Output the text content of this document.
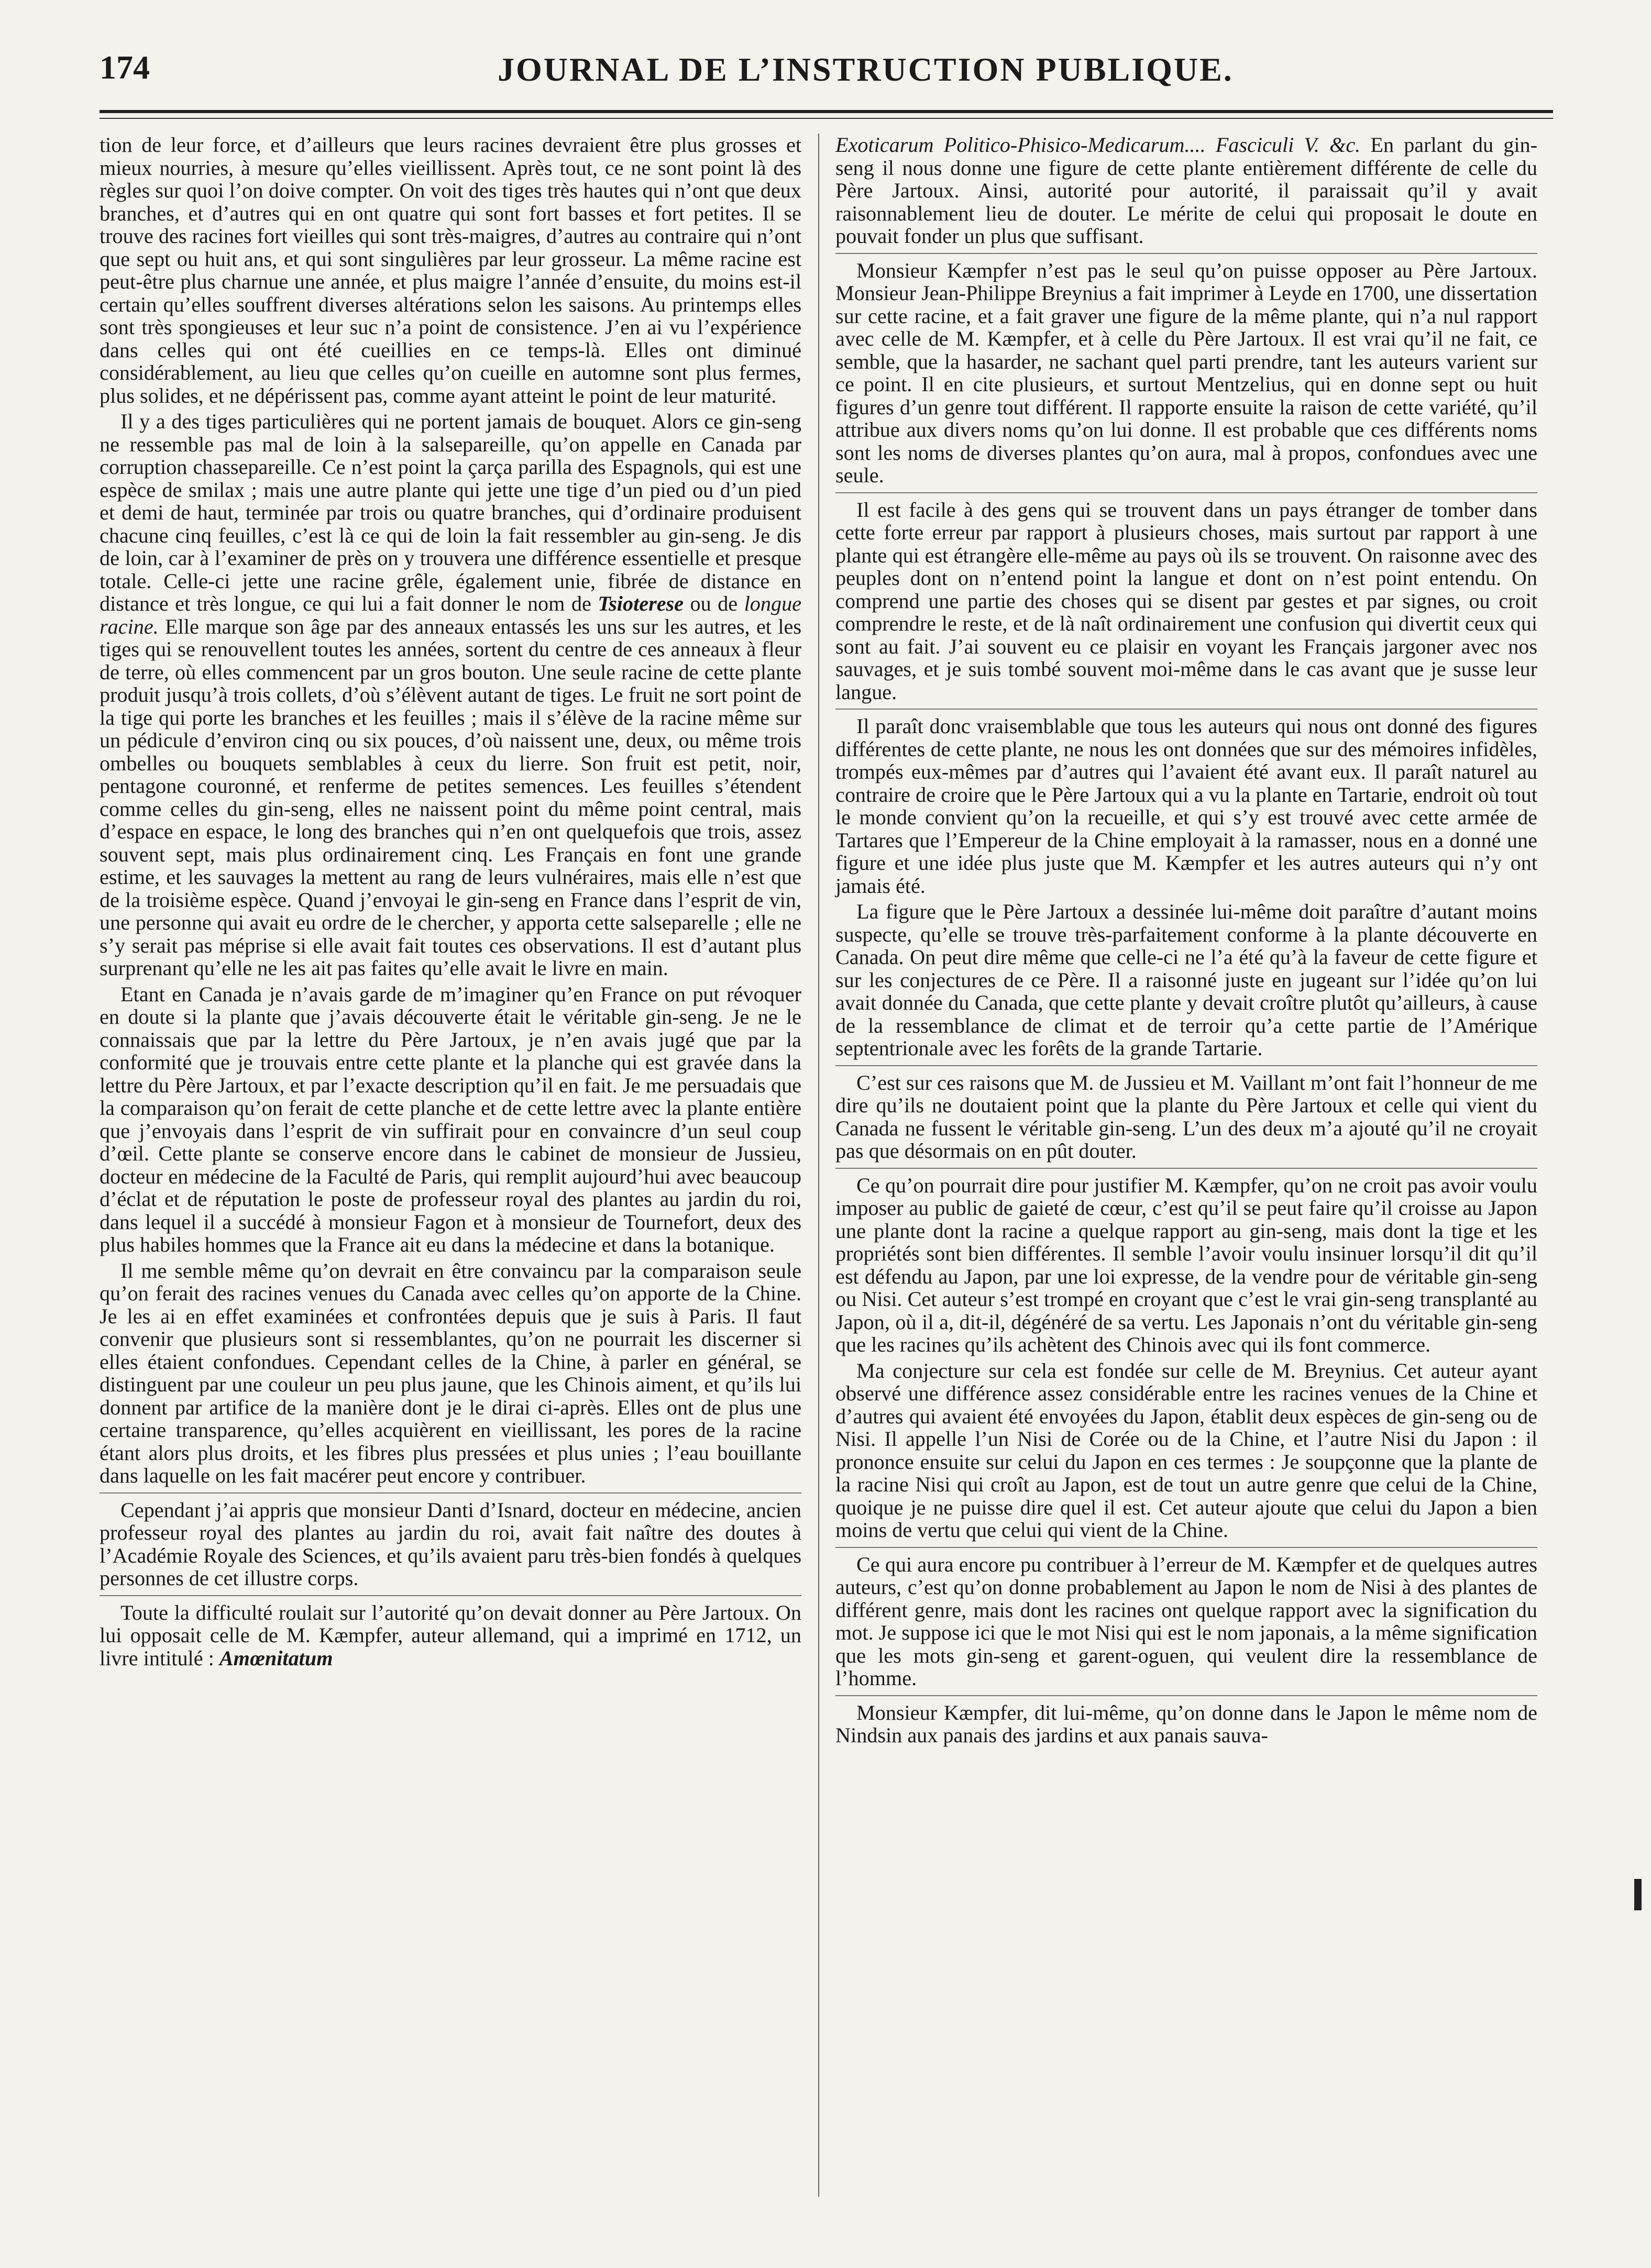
174	JOURNAL DE L’INSTRUCTION PUBLIQUE.

tion de leur force, et d’ailleurs que leurs racines devraient être plus grosses et mieux nourries, à mesure qu’elles vieillissent. Après tout, ce ne sont point là des règles sur quoi l’on doive compter. On voit des tiges très hautes qui n’ont que deux branches, et d’autres qui en ont quatre qui sont fort basses et fort petites. Il se trouve des racines fort vieilles qui sont très-maigres, d’autres au contraire qui n’ont que sept ou huit ans, et qui sont singulières par leur grosseur. La même racine est peut-être plus charnue une année, et plus maigre l’année d’ensuite, du moins est-il certain qu’elles souffrent diverses altérations selon les saisons. Au printemps elles sont très spongieuses et leur suc n’a point de consistence. J’en ai vu l’expérience dans celles qui ont été cueillies en ce temps-là. Elles ont diminué considérablement, au lieu que celles qu’on cueille en automne sont plus fermes, plus solides, et ne dépérissent pas, comme ayant atteint le point de leur maturité.

Il y a des tiges particulières qui ne portent jamais de bouquet. Alors ce gin-seng ne ressemble pas mal de loin à la salsepareille, qu’on appelle en Canada par corruption chassepareille. Ce n’est point la çarça parilla des Espagnols, qui est une espèce de smilax ; mais une autre plante qui jette une tige d’un pied ou d’un pied et demi de haut, terminée par trois ou quatre branches, qui d’ordinaire produisent chacune cinq feuilles, c’est là ce qui de loin la fait ressembler au gin-seng. Je dis de loin, car à l’examiner de près on y trouvera une différence essentielle et presque totale. Celle-ci jette une racine grêle, également unie, fibrée de distance en distance et très longue, ce qui lui a fait donner le nom de Tsioterese ou de longue racine. Elle marque son âge par des anneaux entassés les uns sur les autres, et les tiges qui se renouvellent toutes les années, sortent du centre de ces anneaux à fleur de terre, où elles commencent par un gros bouton. Une seule racine de cette plante produit jusqu’à trois collets, d’où s’élèvent autant de tiges. Le fruit ne sort point de la tige qui porte les branches et les feuilles ; mais il s’élève de la racine même sur un pédicule d’environ cinq ou six pouces, d’où naissent une, deux, ou même trois ombelles ou bouquets semblables à ceux du lierre. Son fruit est petit, noir, pentagone couronné, et renferme de petites semences. Les feuilles s’étendent comme celles du gin-seng, elles ne naissent point du même point central, mais d’espace en espace, le long des branches qui n’en ont quelquefois que trois, assez souvent sept, mais plus ordinairement cinq. Les Français en font une grande estime, et les sauvages la mettent au rang de leurs vulnéraires, mais elle n’est que de la troisième espèce. Quand j’envoyai le gin-seng en France dans l’esprit de vin, une personne qui avait eu ordre de le chercher, y apporta cette salseparelle ; elle ne s’y serait pas méprise si elle avait fait toutes ces observations. Il est d’autant plus surprenant qu’elle ne les ait pas faites qu’elle avait le livre en main.

Etant en Canada je n’avais garde de m’imaginer qu’en France on put révoquer en doute si la plante que j’avais découverte était le véritable gin-seng. Je ne le connaissais que par la lettre du Père Jartoux, je n’en avais jugé que par la conformité que je trouvais entre cette plante et la planche qui est gravée dans la lettre du Père Jartoux, et par l’exacte description qu’il en fait. Je me persuadais que la comparaison qu’on ferait de cette planche et de cette lettre avec la plante entière que j’envoyais dans l’esprit de vin suffirait pour en convaincre d’un seul coup d’œil. Cette plante se conserve encore dans le cabinet de monsieur de Jussieu, docteur en médecine de la Faculté de Paris, qui remplit aujourd’hui avec beaucoup d’éclat et de réputation le poste de professeur royal des plantes au jardin du roi, dans lequel il a succédé à monsieur Fagon et à monsieur de Tournefort, deux des plus habiles hommes que la France ait eu dans la médecine et dans la botanique.

Il me semble même qu’on devrait en être convaincu par la comparaison seule qu’on ferait des racines venues du Canada avec celles qu’on apporte de la Chine. Je les ai en effet examinées et confrontées depuis que je suis à Paris. Il faut convenir que plusieurs sont si ressemblantes, qu’on ne pourrait les discerner si elles étaient confondues. Cependant celles de la Chine, à parler en général, se distinguent par une couleur un peu plus jaune, que les Chinois aiment, et qu’ils lui donnent par artifice de la manière dont je le dirai ci-après. Elles ont de plus une certaine transparence, qu’elles acquièrent en vieillissant, les pores de la racine étant alors plus droits, et les fibres plus pressées et plus unies ; l’eau bouillante dans laquelle on les fait macérer peut encore y contribuer.

Cependant j’ai appris que monsieur Danti d’Isnard, docteur en médecine, ancien professeur royal des plantes au jardin du roi, avait fait naître des doutes à l’Académie Royale des Sciences, et qu’ils avaient paru très-bien fondés à quelques personnes de cet illustre corps.

Toute la difficulté roulait sur l’autorité qu’on devait donner au Père Jartoux. On lui opposait celle de M. Kæmpfer, auteur allemand, qui a imprimé en 1712, un livre intitulé : Amœnitatum

Exoticarum Politico-Phisico-Medicarum.... Fasciculi V. &c. En parlant du gin-seng il nous donne une figure de cette plante entièrement différente de celle du Père Jartoux. Ainsi, autorité pour autorité, il paraissait qu’il y avait raisonnablement lieu de douter. Le mérite de celui qui proposait le doute en pouvait fonder un plus que suffisant.

Monsieur Kæmpfer n’est pas le seul qu’on puisse opposer au Père Jartoux. Monsieur Jean-Philippe Breynius a fait imprimer à Leyde en 1700, une dissertation sur cette racine, et a fait graver une figure de la même plante, qui n’a nul rapport avec celle de M. Kæmpfer, et à celle du Père Jartoux. Il est vrai qu’il ne fait, ce semble, que la hasarder, ne sachant quel parti prendre, tant les auteurs varient sur ce point. Il en cite plusieurs, et surtout Mentzelius, qui en donne sept ou huit figures d’un genre tout différent. Il rapporte ensuite la raison de cette variété, qu’il attribue aux divers noms qu’on lui donne. Il est probable que ces différents noms sont les noms de diverses plantes qu’on aura, mal à propos, confondues avec une seule.

Il est facile à des gens qui se trouvent dans un pays étranger de tomber dans cette forte erreur par rapport à plusieurs choses, mais surtout par rapport à une plante qui est étrangère elle-même au pays où ils se trouvent. On raisonne avec des peuples dont on n’entend point la langue et dont on n’est point entendu. On comprend une partie des choses qui se disent par gestes et par signes, ou croit comprendre le reste, et de là naît ordinairement une confusion qui divertit ceux qui sont au fait. J’ai souvent eu ce plaisir en voyant les Français jargoner avec nos sauvages, et je suis tombé souvent moi-même dans le cas avant que je susse leur langue.

Il paraît donc vraisemblable que tous les auteurs qui nous ont donné des figures différentes de cette plante, ne nous les ont données que sur des mémoires infidèles, trompés eux-mêmes par d’autres qui l’avaient été avant eux. Il paraît naturel au contraire de croire que le Père Jartoux qui a vu la plante en Tartarie, endroit où tout le monde convient qu’on la recueille, et qui s’y est trouvé avec cette armée de Tartares que l’Empereur de la Chine employait à la ramasser, nous en a donné une figure et une idée plus juste que M. Kæmpfer et les autres auteurs qui n’y ont jamais été.

La figure que le Père Jartoux a dessinée lui-même doit paraître d’autant moins suspecte, qu’elle se trouve très-parfaitement conforme à la plante découverte en Canada. On peut dire même que celle-ci ne l’a été qu’à la faveur de cette figure et sur les conjectures de ce Père. Il a raisonné juste en jugeant sur l’idée qu’on lui avait donnée du Canada, que cette plante y devait croître plutôt qu’ailleurs, à cause de la ressemblance de climat et de terroir qu’a cette partie de l’Amérique septentrionale avec les forêts de la grande Tartarie.

C’est sur ces raisons que M. de Jussieu et M. Vaillant m’ont fait l’honneur de me dire qu’ils ne doutaient point que la plante du Père Jartoux et celle qui vient du Canada ne fussent le véritable gin-seng. L’un des deux m’a ajouté qu’il ne croyait pas que désormais on en pût douter.

Ce qu’on pourrait dire pour justifier M. Kæmpfer, qu’on ne croit pas avoir voulu imposer au public de gaieté de cœur, c’est qu’il se peut faire qu’il croisse au Japon une plante dont la racine a quelque rapport au gin-seng, mais dont la tige et les propriétés sont bien différentes. Il semble l’avoir voulu insinuer lorsqu’il dit qu’il est défendu au Japon, par une loi expresse, de la vendre pour de véritable gin-seng ou Nisi. Cet auteur s’est trompé en croyant que c’est le vrai gin-seng transplanté au Japon, où il a, dit-il, dégénéré de sa vertu. Les Japonais n’ont du véritable gin-seng que les racines qu’ils achètent des Chinois avec qui ils font commerce.

Ma conjecture sur cela est fondée sur celle de M. Breynius. Cet auteur ayant observé une différence assez considérable entre les racines venues de la Chine et d’autres qui avaient été envoyées du Japon, établit deux espèces de gin-seng ou de Nisi. Il appelle l’un Nisi de Corée ou de la Chine, et l’autre Nisi du Japon : il prononce ensuite sur celui du Japon en ces termes : Je soupçonne que la plante de la racine Nisi qui croît au Japon, est de tout un autre genre que celui de la Chine, quoique je ne puisse dire quel il est. Cet auteur ajoute que celui du Japon a bien moins de vertu que celui qui vient de la Chine.

Ce qui aura encore pu contribuer à l’erreur de M. Kæmpfer et de quelques autres auteurs, c’est qu’on donne probablement au Japon le nom de Nisi à des plantes de différent genre, mais dont les racines ont quelque rapport avec la signification du mot. Je suppose ici que le mot Nisi qui est le nom japonais, a la même signification que les mots gin-seng et garent-oguen, qui veulent dire la ressemblance de l’homme.

Monsieur Kæmpfer, dit lui-même, qu’on donne dans le Japon le même nom de Nindsin aux panais des jardins et aux panais sauva-
